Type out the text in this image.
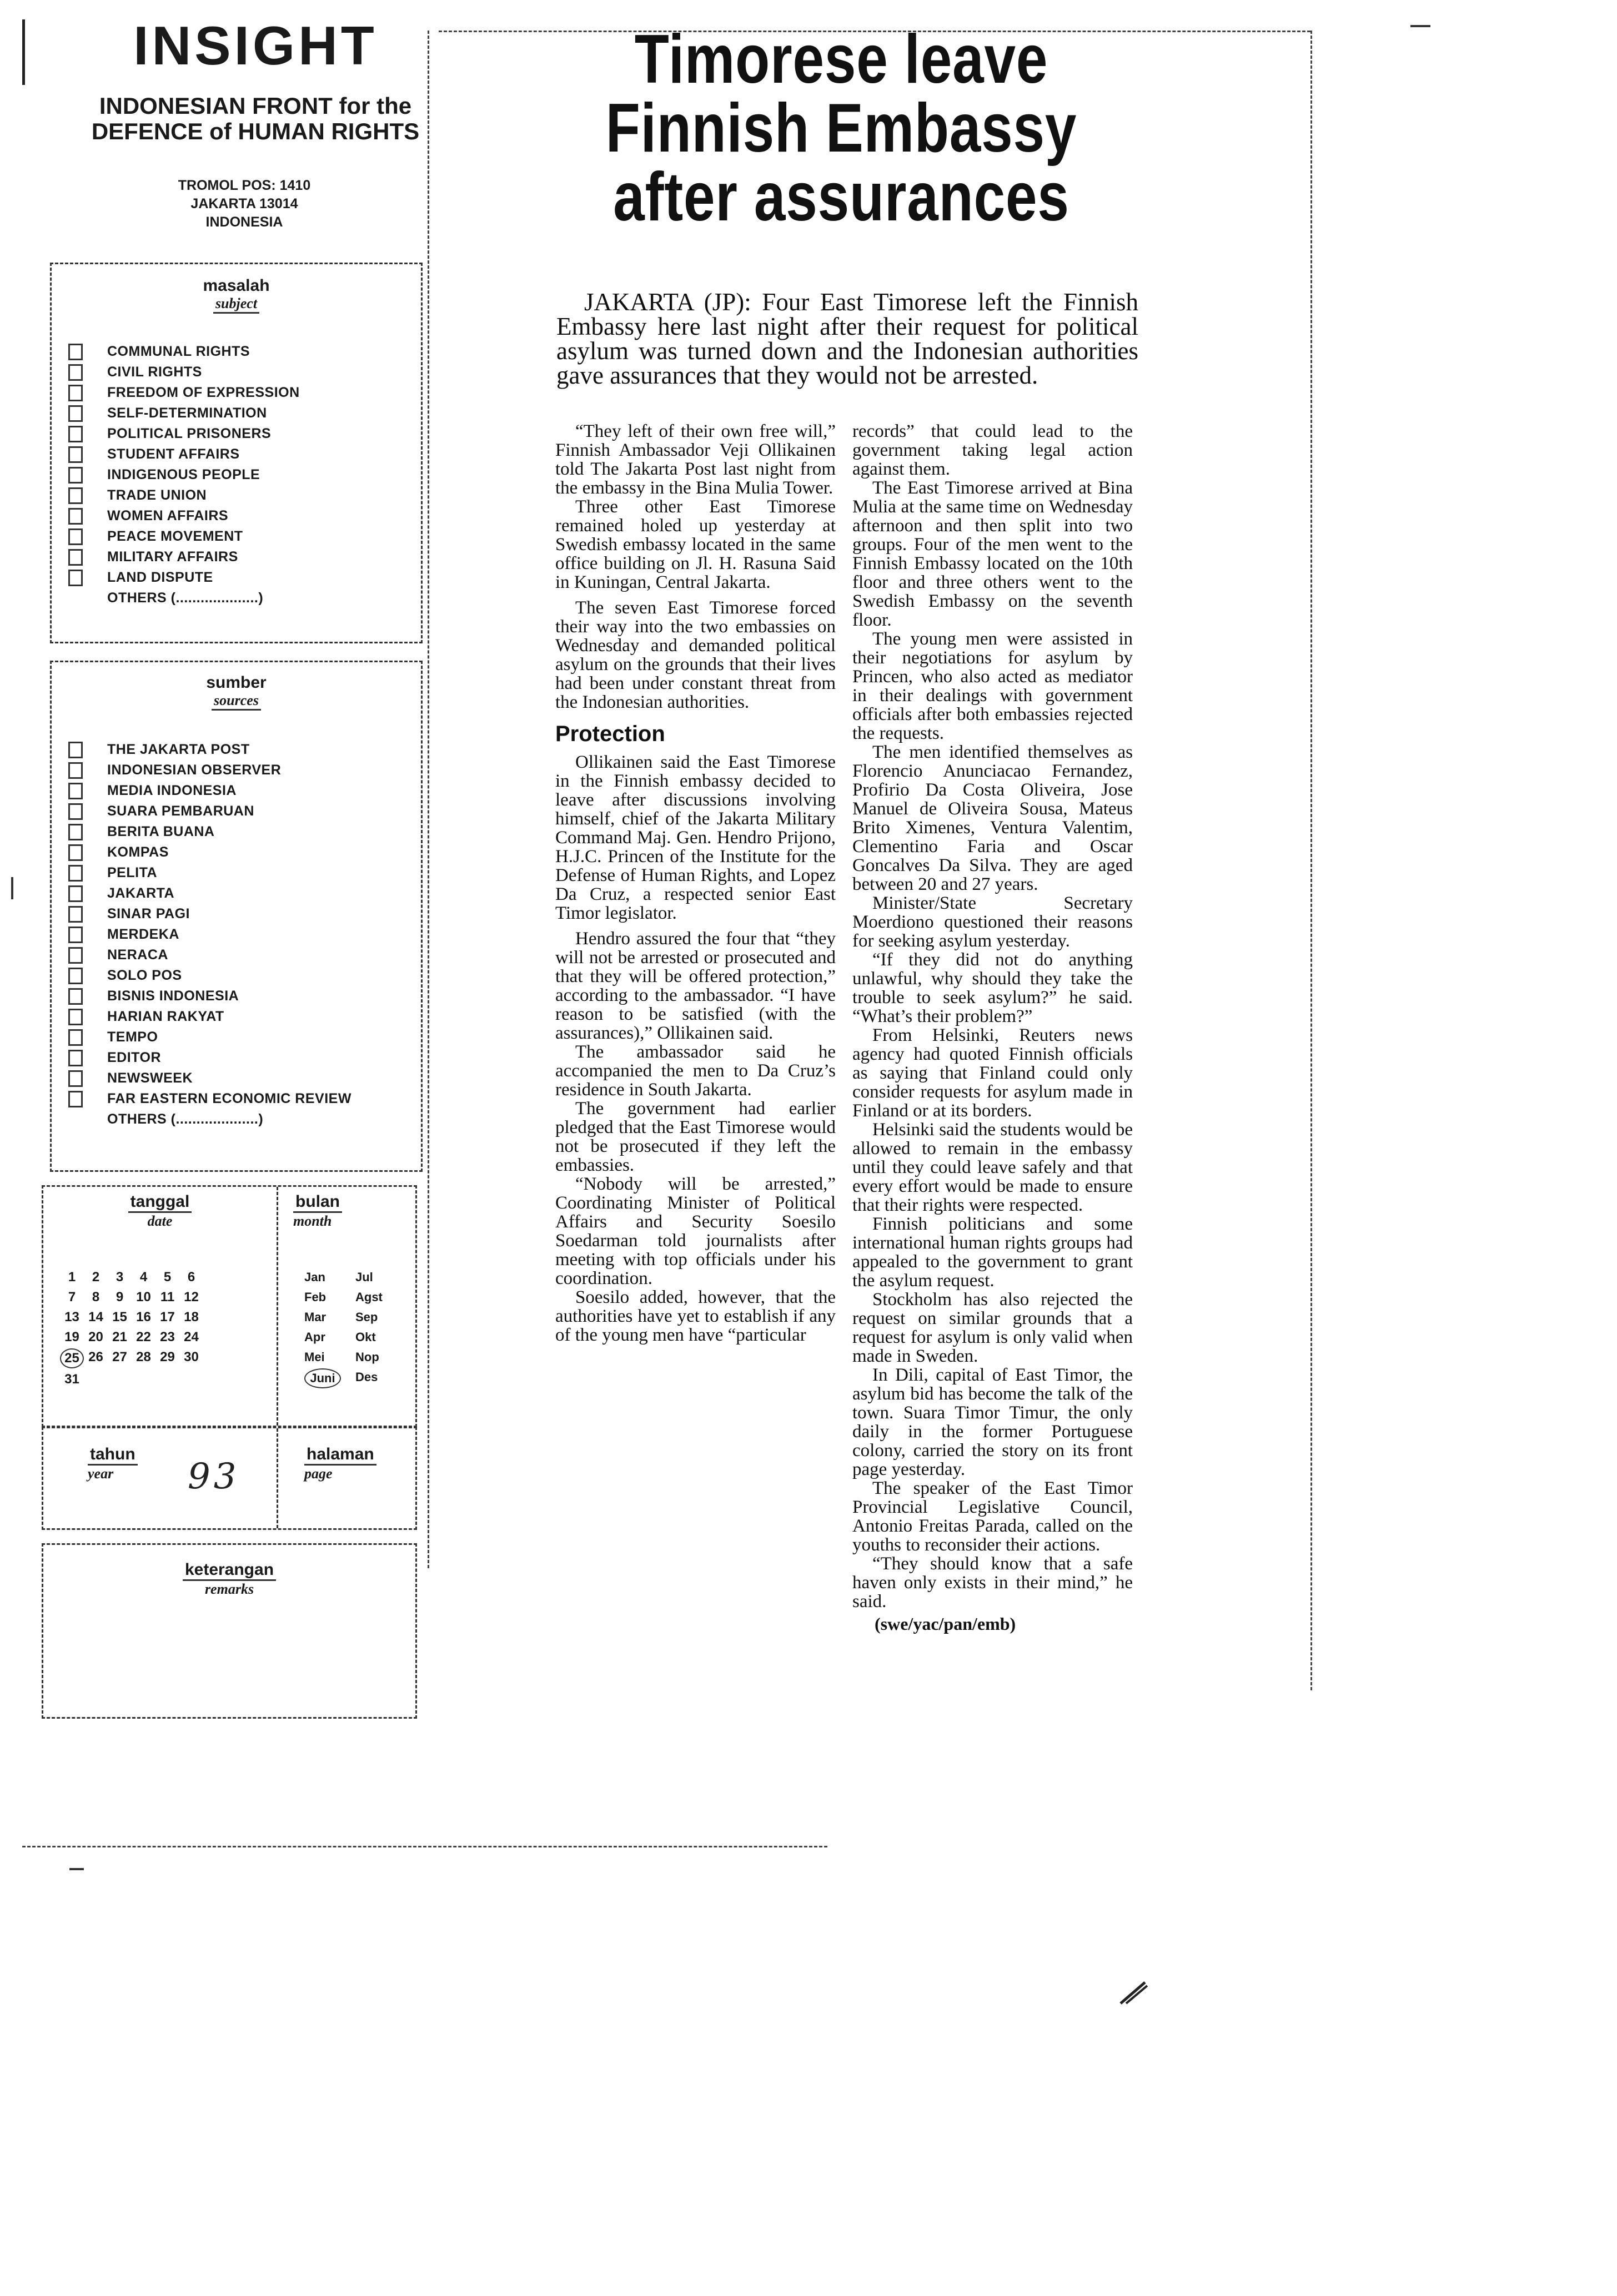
INSIGHT
INDONESIAN FRONT for the
DEFENCE of HUMAN RIGHTS
TROMOL POS: 1410
JAKARTA 13014
INDONESIA
masalah
subject
COMMUNAL RIGHTS
CIVIL RIGHTS
FREEDOM OF EXPRESSION
SELF-DETERMINATION
POLITICAL PRISONERS
STUDENT AFFAIRS
INDIGENOUS PEOPLE
TRADE UNION
WOMEN AFFAIRS
PEACE MOVEMENT
MILITARY AFFAIRS
LAND DISPUTE
OTHERS (....................)
sumber
sources
THE JAKARTA POST
INDONESIAN OBSERVER
MEDIA INDONESIA
SUARA PEMBARUAN
BERITA BUANA
KOMPAS
PELITA
JAKARTA
SINAR PAGI
MERDEKA
NERACA
SOLO POS
BISNIS INDONESIA
HARIAN RAKYAT
TEMPO
EDITOR
NEWSWEEK
FAR EASTERN ECONOMIC REVIEW
OTHERS (....................)
tanggal
date
1	2	3	4	5	6
7	8	9 10 11 12
13 14 15 16 17 18
19 20 21 22 23 24
25 26 27 28 29 30
31
bulan
month
Jan	Jul
Feb	Agst
Mar	Sep
Apr	Okt
Mei	Nop
Juni	Des
tahun
year	93
halaman
page
keterangan
remarks
Timorese leave
Finnish Embassy
after assurances

JAKARTA (JP): Four East Timorese left the Finnish Embassy here last night after their request for political asylum was turned down and the Indonesian authorities gave assurances that they would not be arrested.

“They left of their own free will,” Finnish Ambassador Veji Ollikainen told The Jakarta Post last night from the embassy in the Bina Mulia Tower.

Three other East Timorese remained holed up yesterday at Swedish embassy located in the same office building on Jl. H. Rasuna Said in Kuningan, Central Jakarta.

The seven East Timorese forced their way into the two embassies on Wednesday and demanded political asylum on the grounds that their lives had been under constant threat from the Indonesian authorities.

Protection

Ollikainen said the East Timorese in the Finnish embassy decided to leave after discussions involving himself, chief of the Jakarta Military Command Maj. Gen. Hendro Prijono, H.J.C. Princen of the Institute for the Defense of Human Rights, and Lopez Da Cruz, a respected senior East Timor legislator.

Hendro assured the four that “they will not be arrested or prosecuted and that they will be offered protection,” according to the ambassador. “I have reason to be satisfied (with the assurances),” Ollikainen said.

The ambassador said he accompanied the men to Da Cruz’s residence in South Jakarta.

The government had earlier pledged that the East Timorese would not be prosecuted if they left the embassies.

“Nobody will be arrested,” Coordinating Minister of Political Affairs and Security Soesilo Soedarman told journalists after meeting with top officials under his coordination.

Soesilo added, however, that the authorities have yet to establish if any of the young men have “particular

records” that could lead to the government taking legal action against them.

The East Timorese arrived at Bina Mulia at the same time on Wednesday afternoon and then split into two groups. Four of the men went to the Finnish Embassy located on the 10th floor and three others went to the Swedish Embassy on the seventh floor.

The young men were assisted in their negotiations for asylum by Princen, who also acted as mediator in their dealings with government officials after both embassies rejected the requests.

The men identified themselves as Florencio Anunciacao Fernandez, Profirio Da Costa Oliveira, Jose Manuel de Oliveira Sousa, Mateus Brito Ximenes, Ventura Valentim, Clementino Faria and Oscar Goncalves Da Silva. They are aged between 20 and 27 years.

Minister/State Secretary Moerdiono questioned their reasons for seeking asylum yesterday.

“If they did not do anything unlawful, why should they take the trouble to seek asylum?” he said. “What’s their problem?”

From Helsinki, Reuters news agency had quoted Finnish officials as saying that Finland could only consider requests for asylum made in Finland or at its borders.

Helsinki said the students would be allowed to remain in the embassy until they could leave safely and that every effort would be made to ensure that their rights were respected.

Finnish politicians and some international human rights groups had appealed to the government to grant the asylum request.

Stockholm has also rejected the request on similar grounds that a request for asylum is only valid when made in Sweden.

In Dili, capital of East Timor, the asylum bid has become the talk of the town. Suara Timor Timur, the only daily in the former Portuguese colony, carried the story on its front page yesterday.

The speaker of the East Timor Provincial Legislative Council, Antonio Freitas Parada, called on the youths to reconsider their actions.

“They should know that a safe haven only exists in their mind,” he said.

(swe/yac/pan/emb)
